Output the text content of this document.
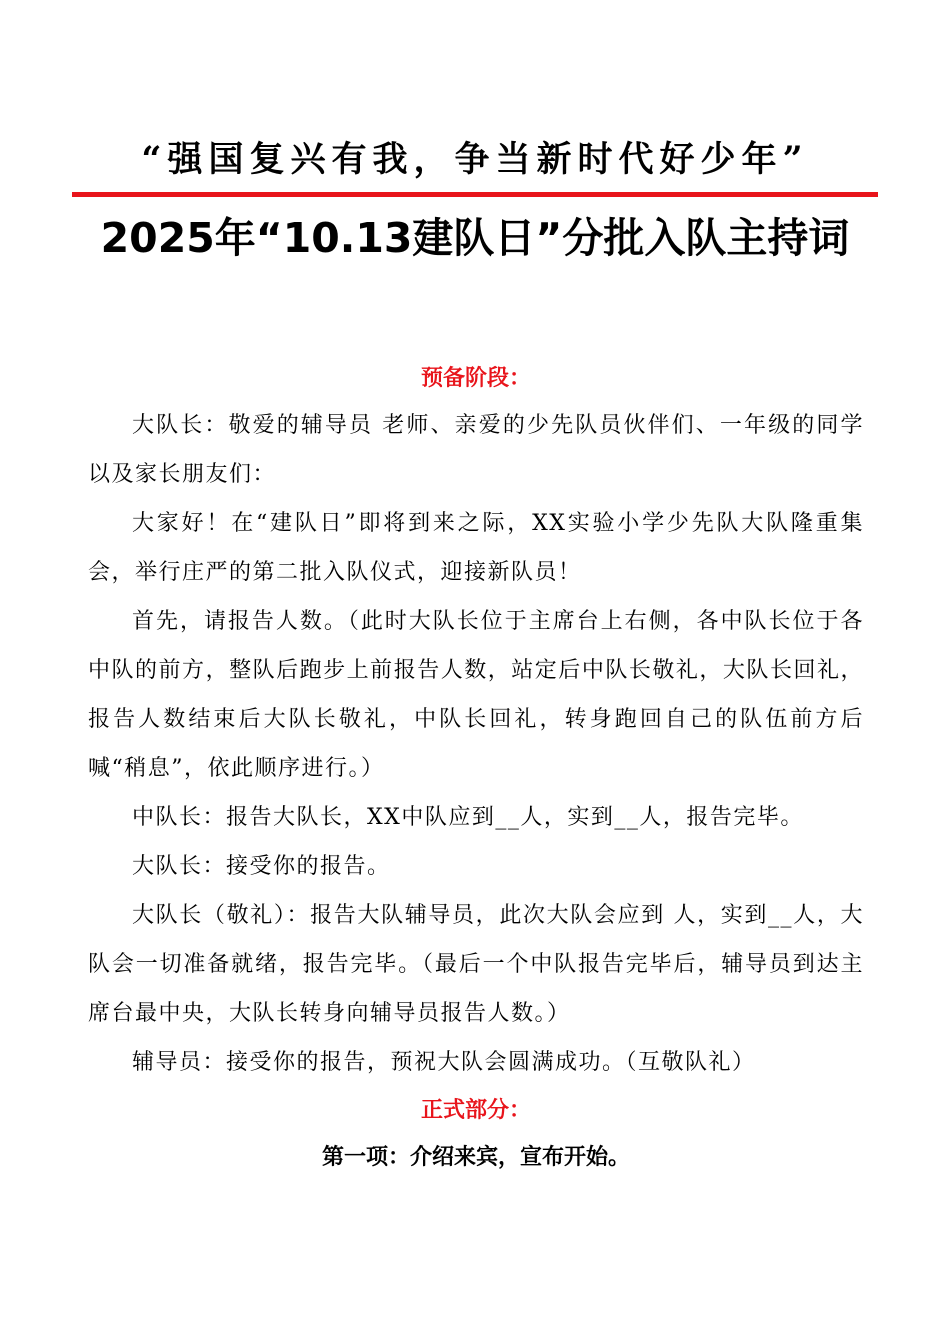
“强国复兴有我，争当新时代好少年”
2025年“10.13建队日”分批入队主持词
预备阶段：

大队长：敬爱的辅导员 老师、亲爱的少先队员伙伴们、一年级的同学以及家长朋友们：

大家好！在“建队日”即将到来之际，XX实验小学少先队大队隆重集会，举行庄严的第二批入队仪式，迎接新队员！

首先，请报告人数。（此时大队长位于主席台上右侧，各中队长位于各中队的前方，整队后跑步上前报告人数，站定后中队长敬礼，大队长回礼，报告人数结束后大队长敬礼，中队长回礼，转身跑回自己的队伍前方后喊“稍息”，依此顺序进行。）

中队长：报告大队长，XX中队应到__人，实到__人，报告完毕。

大队长：接受你的报告。

大队长（敬礼）：报告大队辅导员，此次大队会应到 人，实到__人，大队会一切准备就绪，报告完毕。（最后一个中队报告完毕后，辅导员到达主席台最中央，大队长转身向辅导员报告人数。）

辅导员：接受你的报告，预祝大队会圆满成功。（互敬队礼）

正式部分：
第一项：介绍来宾，宣布开始。
